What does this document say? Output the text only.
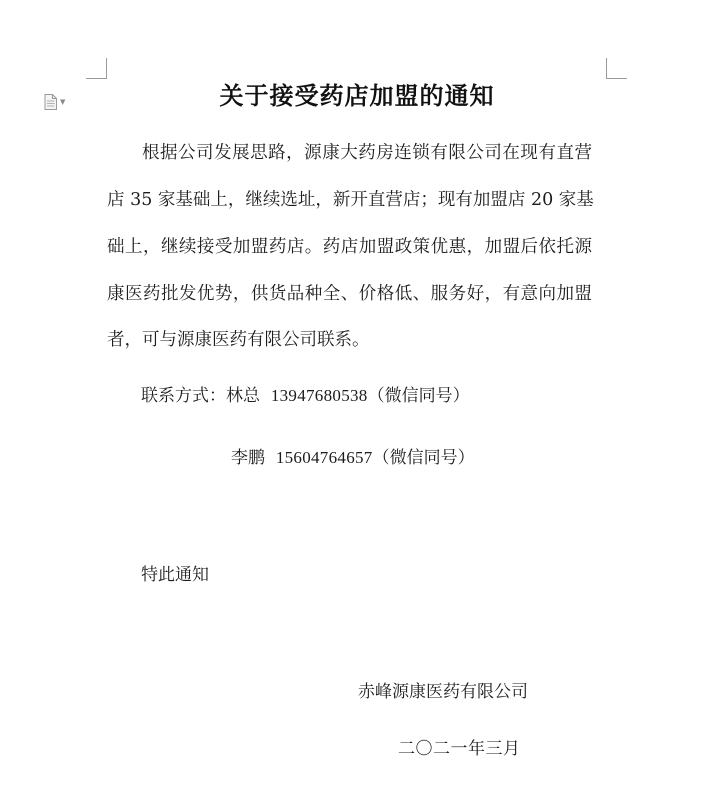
▼	关于接受药店加盟的通知
根据公司发展思路，源康大药房连锁有限公司在现有直营
店 35 家基础上，继续选址，新开直营店；现有加盟店 20 家基
础上，继续接受加盟药店。药店加盟政策优惠，加盟后依托源
康医药批发优势，供货品种全、价格低、服务好，有意向加盟
者，可与源康医药有限公司联系。
联系方式：林总 13947680538（微信同号）
李鹏 15604764657（微信同号）
特此通知
赤峰源康医药有限公司
二〇二一年三月
